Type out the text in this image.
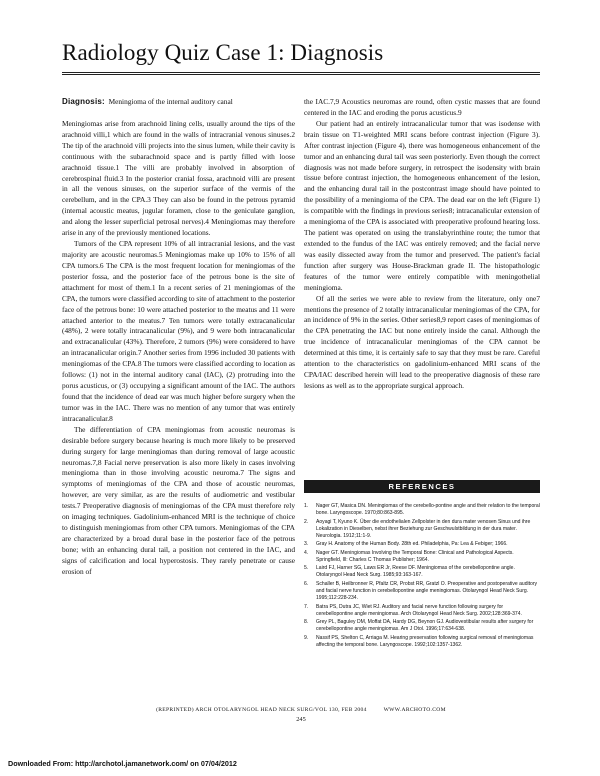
Radiology Quiz Case 1: Diagnosis

Diagnosis: Meningioma of the internal auditory canal

Meningiomas arise from arachnoid lining cells, usually around the tips of the arachnoid villi,1 which are found in the walls of intracranial venous sinuses.2 The tip of the arachnoid villi projects into the sinus lumen, while their cavity is continuous with the subarachnoid space and is partly filled with loose arachnoid tissue.1 The villi are probably involved in absorption of cerebrospinal fluid.3 In the posterior cranial fossa, arachnoid villi are present in all the venous sinuses, on the superior surface of the vermis of the cerebellum, and in the CPA.3 They can also be found in the petrous pyramid (internal acoustic meatus, jugular foramen, close to the geniculate ganglion, and along the lesser superficial petrosal nerves).4 Meningiomas may therefore arise in any of the previously mentioned locations.

Tumors of the CPA represent 10% of all intracranial lesions, and the vast majority are acoustic neuromas.5 Meningiomas make up 10% to 15% of all CPA tumors.6 The CPA is the most frequent location for meningiomas of the posterior fossa, and the posterior face of the petrous bone is the site of attachment for most of them.1 In a recent series of 21 meningiomas of the CPA, the tumors were classified according to site of attachment to the posterior face of the petrous bone: 10 were attached posterior to the meatus and 11 were attached anterior to the meatus.7 Ten tumors were totally extracanalicular (48%), 2 were totally intracanalicular (9%), and 9 were both intracanalicular and extracanalicular (43%). Therefore, 2 tumors (9%) were considered to have an intracanalicular origin.7 Another series from 1996 included 30 patients with meningiomas of the CPA.8 The tumors were classified according to location as follows: (1) not in the internal auditory canal (IAC), (2) protruding into the porus acusticus, or (3) occupying a significant amount of the IAC. The authors found that the incidence of dead ear was much higher before surgery when the tumor was in the IAC. There was no mention of any tumor that was entirely intracanalicular.8

The differentiation of CPA meningiomas from acoustic neuromas is desirable before surgery because hearing is much more likely to be preserved during surgery for large meningiomas than during removal of large acoustic neuromas.7,8 Facial nerve preservation is also more likely in cases involving meningioma than in those involving acoustic neuroma.7 The signs and symptoms of meningiomas of the CPA and those of acoustic neuromas, however, are very similar, as are the results of audiometric and vestibular tests.7 Preoperative diagnosis of meningiomas of the CPA must therefore rely on imaging techniques. Gadolinium-enhanced MRI is the technique of choice to distinguish meningiomas from other CPA tumors. Meningiomas of the CPA are characterized by a broad dural base in the posterior face of the petrous bone; with an enhancing dural tail, a position not centered in the IAC, and signs of calcification and local hyperostosis. They rarely penetrate or cause erosion of

the IAC.7,9 Acoustics neuromas are round, often cystic masses that are found centered in the IAC and eroding the porus acusticus.9

Our patient had an entirely intracanalicular tumor that was isodense with brain tissue on T1-weighted MRI scans before contrast injection (Figure 3). After contrast injection (Figure 4), there was homogeneous enhancement of the tumor and an enhancing dural tail was seen posteriorly. Even though the correct diagnosis was not made before surgery, in retrospect the isodensity with brain tissue before contrast injection, the homogeneous enhancement of the lesion, and the enhancing dural tail in the postcontrast image should have pointed to the possibility of a meningioma of the CPA. The dead ear on the left (Figure 1) is compatible with the findings in previous series8; intracanalicular extension of a meningioma of the CPA is associated with preoperative profound hearing loss. The patient was operated on using the translabyrinthine route; the tumor that extended to the fundus of the IAC was entirely removed; and the facial nerve was easily dissected away from the tumor and preserved. The patient's facial function after surgery was House-Brackman grade II. The histopathologic features of the tumor were entirely compatible with meningothelial meningioma.

Of all the series we were able to review from the literature, only one7 mentions the presence of 2 totally intracanalicular meningiomas of the CPA, for an incidence of 9% in the series. Other series8,9 report cases of meningiomas of the CPA penetrating the IAC but none entirely inside the canal. Although the true incidence of intracanalicular meningiomas of the CPA cannot be determined at this time, it is certainly safe to say that they must be rare. Careful attention to the characteristics on gadolinium-enhanced MRI scans of the CPA/IAC described herein will lead to the preoperative diagnosis of these rare lesions as well as to the appropriate surgical approach.

REFERENCES
1. Nager GT, Masica DN. Meningiomas of the cerebello-pontine angle and their relation to the temporal bone. Laryngoscope. 1970;80:863-895.
2. Aoyagi T, Kyuno K. Über die endothelialen Zellpolster in den dura mater venosen Sinus und ihre Lokalization in Dieselben, nebst ihrer Beziehung zur Geschwulstbildung in der dura mater. Neurologia. 1912;11:1-9.
3. Gray H. Anatomy of the Human Body. 28th ed. Philadelphia, Pa: Lea & Febiger; 1966.
4. Nager GT. Meningiomas Involving the Temporal Bone: Clinical and Pathological Aspects. Springfield, Ill: Charles C Thomas Publisher; 1964.
5. Laird FJ, Harner SG, Laws ER Jr, Reese DF. Meningiomas of the cerebellopontine angle. Otolaryngol Head Neck Surg. 1985;93:163-167.
6. Schaller B, Heilbronner R, Pfaltz CR, Probst RR, Gratzl O. Preoperative and postoperative auditory and facial nerve function in cerebellopontine angle meningiomas. Otolaryngol Head Neck Surg. 1995;112:228-234.
7. Batra PS, Dutra JC, Wiet RJ. Auditory and facial nerve function following surgery for cerebellopontine angle meningiomas. Arch Otolaryngol Head Neck Surg. 2002;128:369-374.
8. Grey PL, Baguley DM, Moffat DA, Hardy DG, Beynon GJ. Audiovestibular results after surgery for cerebellopontine angle meningiomas. Am J Otol. 1996;17:634-638.
9. Nassif PS, Shelton C, Arriaga M. Hearing preservation following surgical removal of meningiomas affecting the temporal bone. Laryngoscope. 1992;102:1357-1362.
(REPRINTED) ARCH OTOLARYNGOL HEAD NECK SURG/VOL 130, FEB 2004          WWW.ARCHOTO.COM
245
Downloaded From: http://archotol.jamanetwork.com/ on 07/04/2012
